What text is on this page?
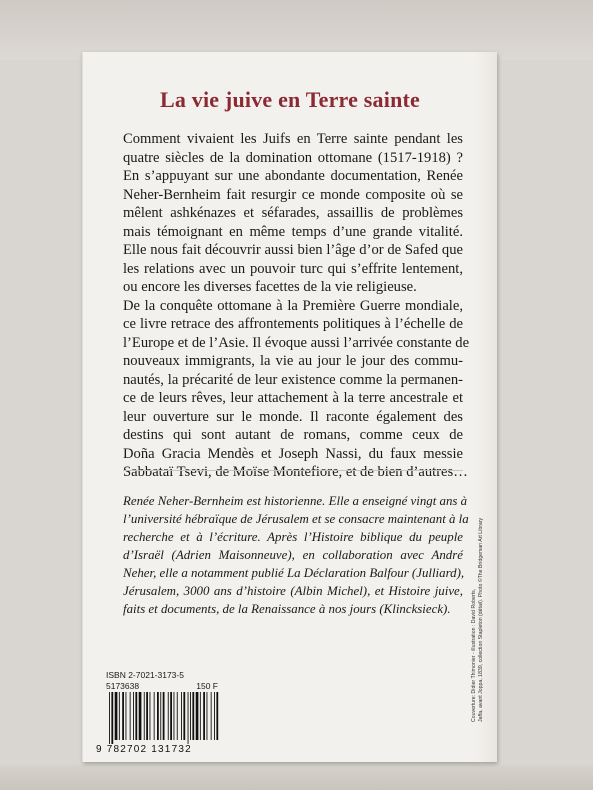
La vie juive en Terre sainte
Comment vivaient les Juifs en Terre sainte pendant les
quatre siècles de la domination ottomane (1517-1918) ?
En s’appuyant sur une abondante documentation, Renée
Neher-Bernheim fait resurgir ce monde composite où se
mêlent ashkénazes et séfarades, assaillis de problèmes
mais témoignant en même temps d’une grande vitalité.
Elle nous fait découvrir aussi bien l’âge d’or de Safed que
les relations avec un pouvoir turc qui s’effrite lentement,
ou encore les diverses facettes de la vie religieuse.
De la conquête ottomane à la Première Guerre mondiale,
ce livre retrace des affrontements politiques à l’échelle de
l’Europe et de l’Asie. Il évoque aussi l’arrivée constante de
nouveaux immigrants, la vie au jour le jour des commu-
nautés, la précarité de leur existence comme la permanen-
ce de leurs rêves, leur attachement à la terre ancestrale et
leur ouverture sur le monde. Il raconte également des
destins qui sont autant de romans, comme ceux de
Doña Gracia Mendès et Joseph Nassi, du faux messie
Sabbataï Tsevi, de Moïse Montefiore, et de bien d’autres…
Renée Neher-Bernheim est historienne. Elle a enseigné vingt ans à
l’université hébraïque de Jérusalem et se consacre maintenant à la
recherche et à l’écriture. Après l’Histoire biblique du peuple
d’Israël (Adrien Maisonneuve), en collaboration avec André
Neher, elle a notamment publié La Déclaration Balfour (Julliard),
Jérusalem, 3000 ans d’histoire (Albin Michel), et Histoire juive,
faits et documents, de la Renaissance à nos jours (Klincksieck).
ISBN 2-7021-3173-5
5173638	150 F
9 782702 131732
Couverture: Didier Thimonier - illustration : David Roberts, Jaffa, avant Joppa, 1839, collection Stapleton (détail). Photo ©The Bridgeman Art Library
